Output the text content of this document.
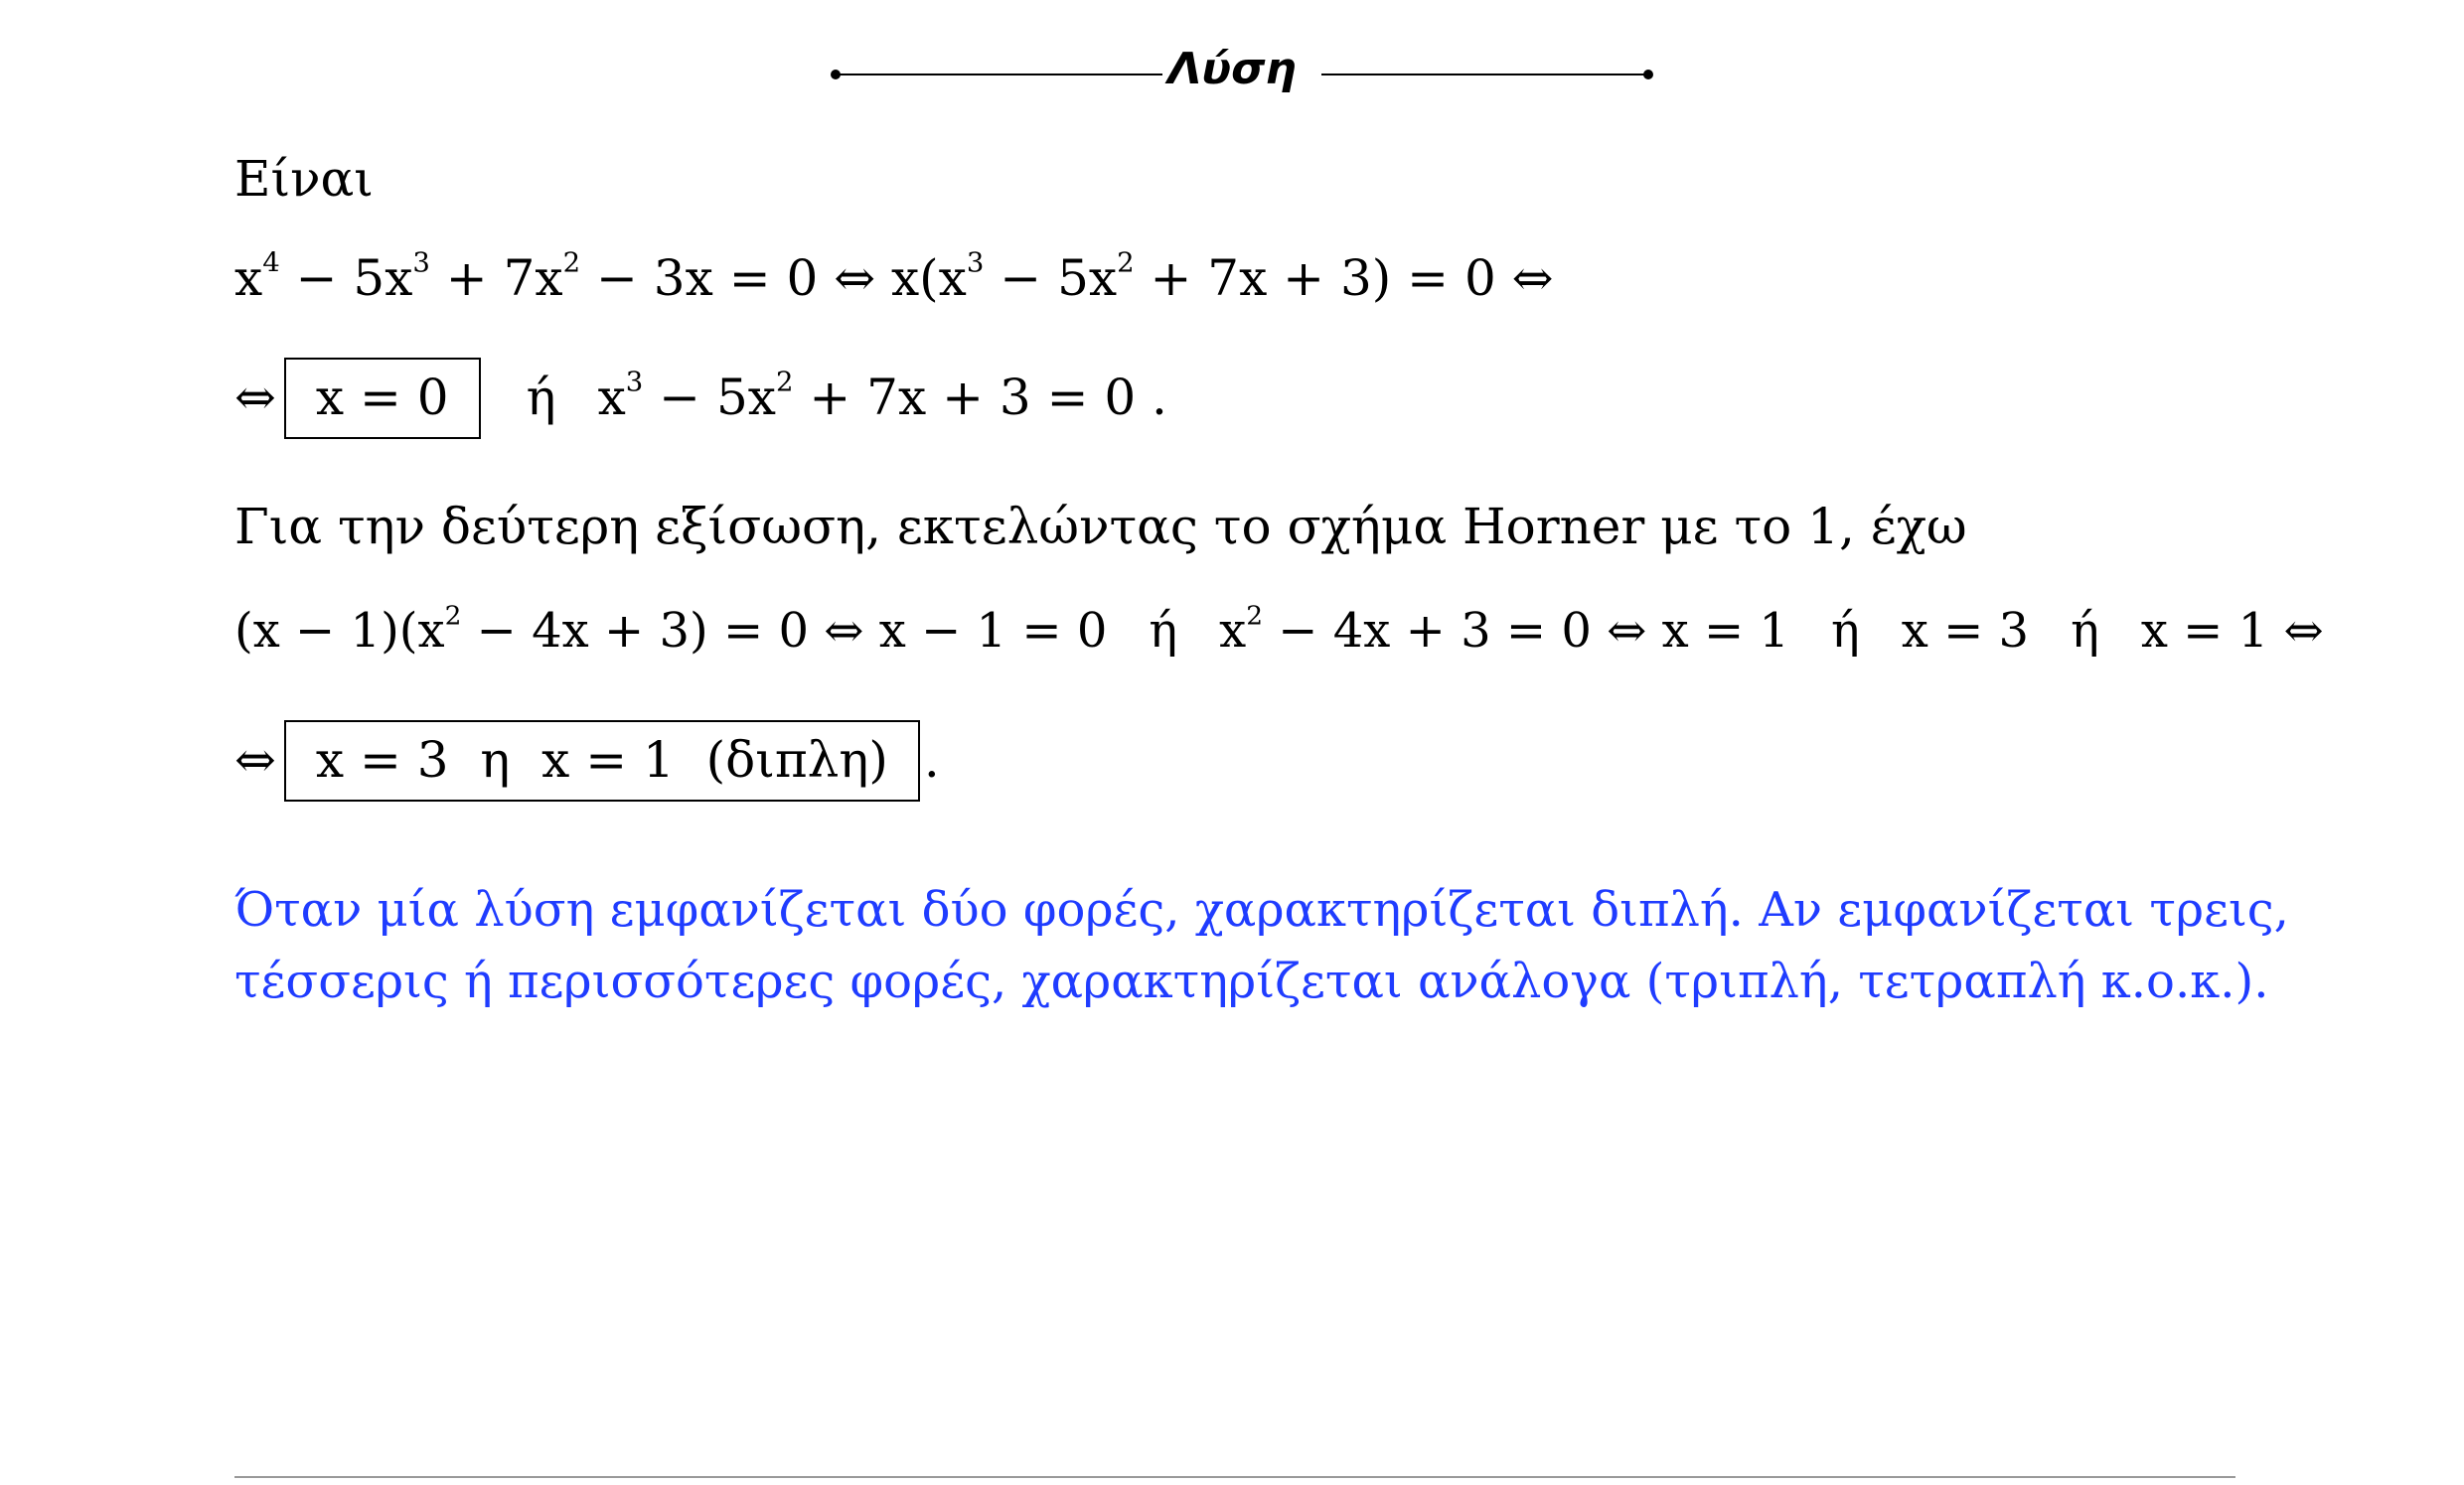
Λύση
Είναι
$x^4 - 5x^3 + 7x^2 - 3x = 0$ ⇔ $x(x^3 - 5x^2 + 7x + 3) = 0$ ⇔
⇔ x = 0 ή $x^3 - 5x^2 + 7x + 3 = 0$ .
Για την δεύτερη εξίσωση, εκτελώντας το σχήμα Horner με το 1, έχω
$(x - 1)(x^2 - 4x + 3) = 0$ ⇔ x − 1 = 0 ή $x^2 - 4x + 3 = 0$ ⇔ x = 1 ή x = 3 ή x = 1 ⇔
⇔ x = 3  η  x = 1  (διπλη) .
Όταν μία λύση εμφανίζεται δύο φορές, χαρακτηρίζεται διπλή. Αν εμφανίζεται τρεις,
τέσσερις ή περισσότερες φορές, χαρακτηρίζεται ανάλογα (τριπλή, τετραπλή κ.ο.κ.).
